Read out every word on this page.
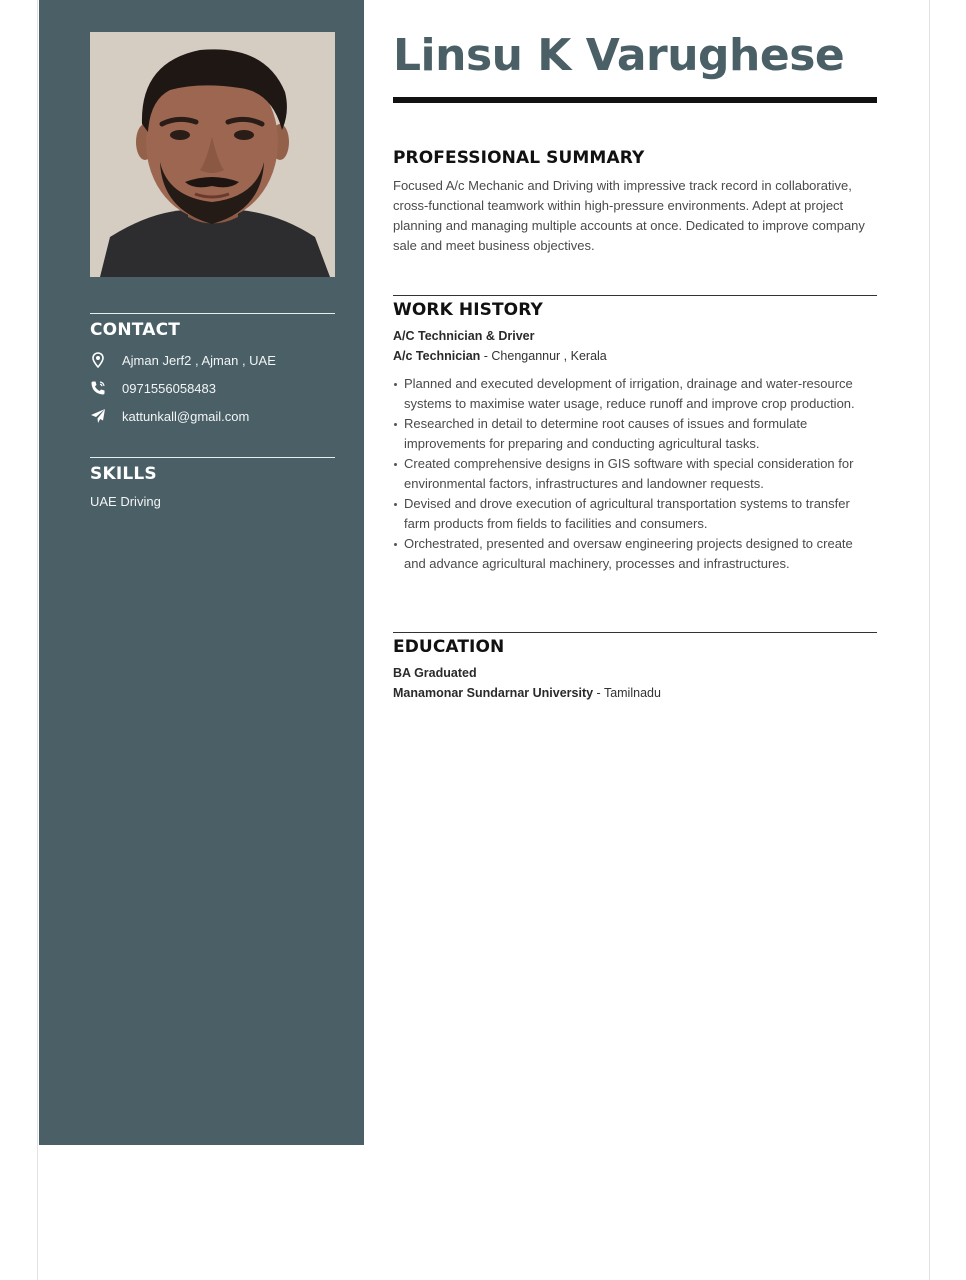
CONTACT
Ajman Jerf2 , Ajman , UAE
0971556058483
kattunkall@gmail.com
SKILLS
UAE Driving
Linsu K Varughese
PROFESSIONAL SUMMARY

Focused A/c Mechanic and Driving with impressive track record in collaborative, cross-functional teamwork within high-pressure environments. Adept at project planning and managing multiple accounts at once. Dedicated to improve company sale and meet business objectives.

WORK HISTORY
A/C Technician & Driver
A/c Technician - Chengannur , Kerala
Planned and executed development of irrigation, drainage and water-resource systems to maximise water usage, reduce runoff and improve crop production.
Researched in detail to determine root causes of issues and formulate improvements for preparing and conducting agricultural tasks.
Created comprehensive designs in GIS software with special consideration for environmental factors, infrastructures and landowner requests.
Devised and drove execution of agricultural transportation systems to transfer farm products from fields to facilities and consumers.
Orchestrated, presented and oversaw engineering projects designed to create and advance agricultural machinery, processes and infrastructures.
EDUCATION
BA Graduated
Manamonar Sundarnar University - Tamilnadu
